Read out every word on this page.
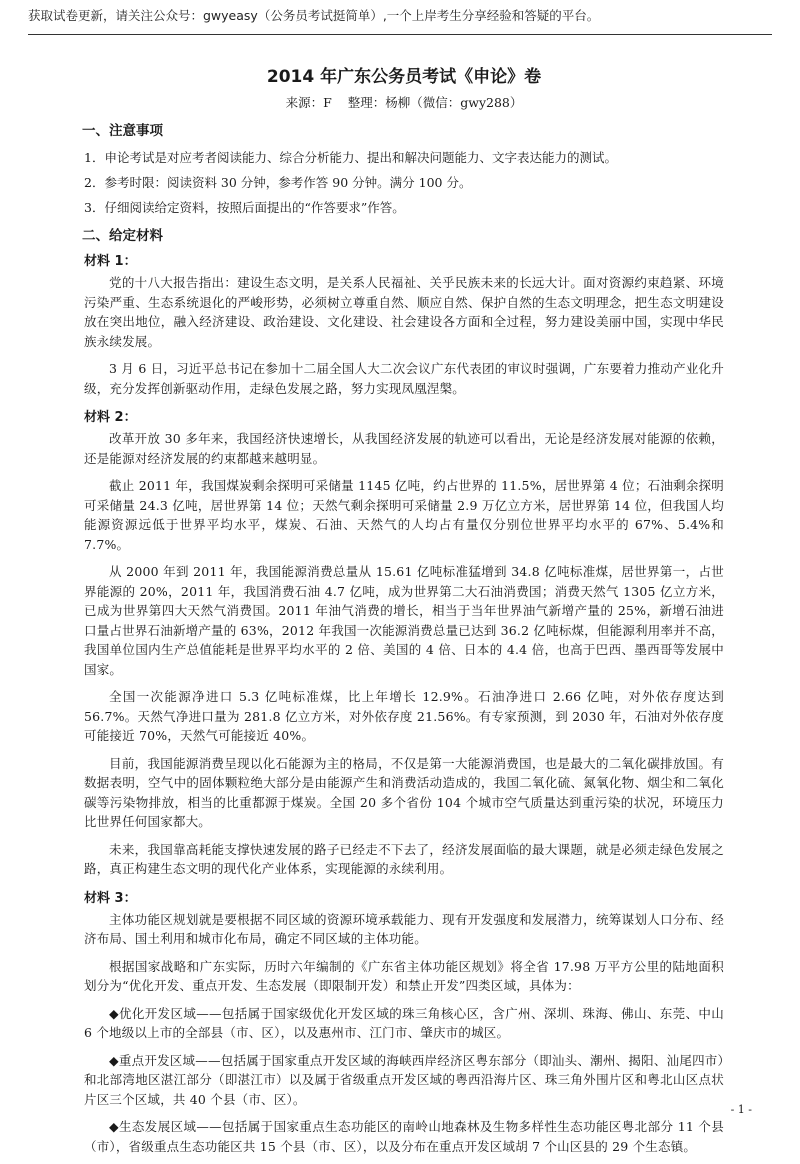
获取试卷更新，请关注公众号：gwyeasy（公务员考试挺简单）,一个上岸考生分享经验和答疑的平台。
2014 年广东公务员考试《申论》卷
来源：F 整理：杨柳（微信：gwy288）
一、注意事项
1．申论考试是对应考者阅读能力、综合分析能力、提出和解决问题能力、文字表达能力的测试。
2．参考时限：阅读资料 30 分钟，参考作答 90 分钟。满分 100 分。
3．仔细阅读给定资料，按照后面提出的“作答要求”作答。
二、给定材料
材料 1：

党的十八大报告指出：建设生态文明，是关系人民福祉、关乎民族未来的长远大计。面对资源约束趋紧、环境污染严重、生态系统退化的严峻形势，必须树立尊重自然、顺应自然、保护自然的生态文明理念，把生态文明建设放在突出地位，融入经济建设、政治建设、文化建设、社会建设各方面和全过程，努力建设美丽中国，实现中华民族永续发展。

3 月 6 日，习近平总书记在参加十二届全国人大二次会议广东代表团的审议时强调，广东要着力推动产业化升级，充分发挥创新驱动作用，走绿色发展之路，努力实现凤凰涅槃。

材料 2：

改革开放 30 多年来，我国经济快速增长，从我国经济发展的轨迹可以看出，无论是经济发展对能源的依赖，还是能源对经济发展的约束都越来越明显。

截止 2011 年，我国煤炭剩余探明可采储量 1145 亿吨，约占世界的 11.5%，居世界第 4 位；石油剩余探明可采储量 24.3 亿吨，居世界第 14 位；天然气剩余探明可采储量 2.9 万亿立方米，居世界第 14 位，但我国人均能源资源远低于世界平均水平，煤炭、石油、天然气的人均占有量仅分别位世界平均水平的 67%、5.4%和 7.7%。

从 2000 年到 2011 年，我国能源消费总量从 15.61 亿吨标准猛增到 34.8 亿吨标准煤，居世界第一，占世界能源的 20%，2011 年，我国消费石油 4.7 亿吨，成为世界第二大石油消费国；消费天然气 1305 亿立方米，已成为世界第四大天然气消费国。2011 年油气消费的增长，相当于当年世界油气新增产量的 25%，新增石油进口量占世界石油新增产量的 63%，2012 年我国一次能源消费总量已达到 36.2 亿吨标煤，但能源利用率并不高，我国单位国内生产总值能耗是世界平均水平的 2 倍、美国的 4 倍、日本的 4.4 倍，也高于巴西、墨西哥等发展中国家。

全国一次能源净进口 5.3 亿吨标准煤，比上年增长 12.9%。石油净进口 2.66 亿吨，对外依存度达到 56.7%。天然气净进口量为 281.8 亿立方米，对外依存度 21.56%。有专家预测，到 2030 年，石油对外依存度可能接近 70%，天然气可能接近 40%。

目前，我国能源消费呈现以化石能源为主的格局，不仅是第一大能源消费国，也是最大的二氧化碳排放国。有数据表明，空气中的固体颗粒绝大部分是由能源产生和消费活动造成的，我国二氧化硫、氮氧化物、烟尘和二氧化碳等污染物排放，相当的比重都源于煤炭。全国 20 多个省份 104 个城市空气质量达到重污染的状况，环境压力比世界任何国家都大。

未来，我国靠高耗能支撑快速发展的路子已经走不下去了，经济发展面临的最大课题，就是必须走绿色发展之路，真正构建生态文明的现代化产业体系，实现能源的永续利用。

材料 3：

主体功能区规划就是要根据不同区域的资源环境承载能力、现有开发强度和发展潜力，统筹谋划人口分布、经济布局、国土利用和城市化布局，确定不同区域的主体功能。

根据国家战略和广东实际，历时六年编制的《广东省主体功能区规划》将全省 17.98 万平方公里的陆地面积划分为“优化开发、重点开发、生态发展（即限制开发）和禁止开发”四类区域，具体为：

◆优化开发区域——包括属于国家级优化开发区域的珠三角核心区，含广州、深圳、珠海、佛山、东莞、中山 6 个地级以上市的全部县（市、区），以及惠州市、江门市、肇庆市的城区。

◆重点开发区域——包括属于国家重点开发区域的海峡西岸经济区粤东部分（即汕头、潮州、揭阳、汕尾四市）和北部湾地区湛江部分（即湛江市）以及属于省级重点开发区域的粤西沿海片区、珠三角外围片区和粤北山区点状片区三个区域，共 40 个县（市、区）。

◆生态发展区域——包括属于国家重点生态功能区的南岭山地森林及生物多样性生态功能区粤北部分 11 个县（市），省级重点生态功能区共 15 个县（市、区），以及分布在重点开发区域胡 7 个山区县的 29 个生态镇。

- 1 -
